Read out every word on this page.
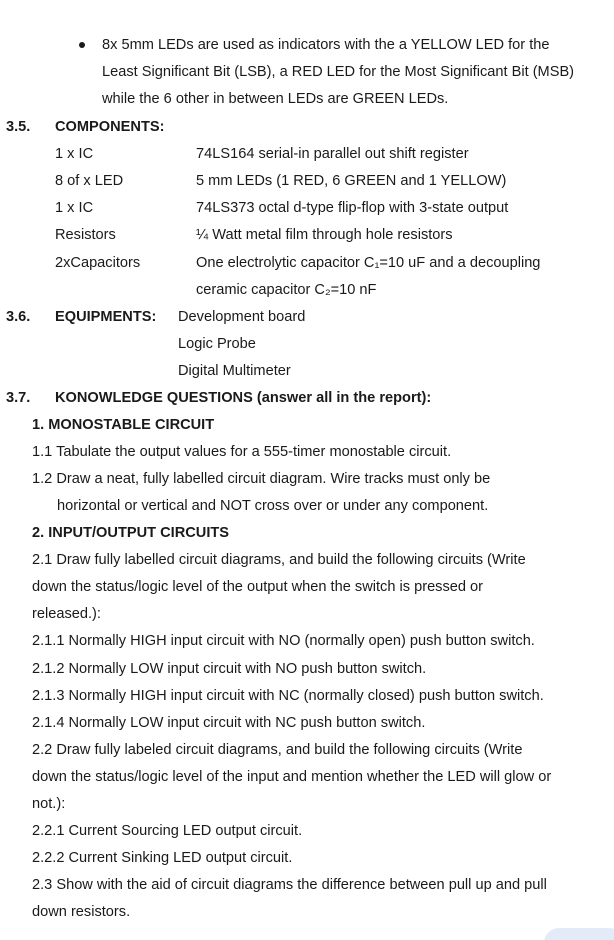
8x 5mm LEDs are used as indicators with the a YELLOW LED for the
Least Significant Bit (LSB), a RED LED for the Most Significant Bit (MSB)
while the 6 other in between LEDs are GREEN LEDs.
3.5. COMPONENTS:
1 x IC	74LS164 serial-in parallel out shift register
8 of x LED	5 mm LEDs (1 RED, 6 GREEN and 1 YELLOW)
1 x IC	74LS373 octal d-type flip-flop with 3-state output
Resistors	¼ Watt metal film through hole resistors
2xCapacitors	One electrolytic capacitor C₁=10 uF and a decoupling
ceramic capacitor C₂=10 nF
3.6. EQUIPMENTS: Development board
Logic Probe
Digital Multimeter
3.7. KONOWLEDGE QUESTIONS (answer all in the report):
1. MONOSTABLE CIRCUIT
1.1 Tabulate the output values for a 555-timer monostable circuit.
1.2 Draw a neat, fully labelled circuit diagram. Wire tracks must only be
horizontal or vertical and NOT cross over or under any component.
2. INPUT/OUTPUT CIRCUITS
2.1 Draw fully labelled circuit diagrams, and build the following circuits (Write
down the status/logic level of the output when the switch is pressed or
released.):
2.1.1 Normally HIGH input circuit with NO (normally open) push button switch.
2.1.2 Normally LOW input circuit with NO push button switch.
2.1.3 Normally HIGH input circuit with NC (normally closed) push button switch.
2.1.4 Normally LOW input circuit with NC push button switch.
2.2 Draw fully labeled circuit diagrams, and build the following circuits (Write
down the status/logic level of the input and mention whether the LED will glow or
not.):
2.2.1 Current Sourcing LED output circuit.
2.2.2 Current Sinking LED output circuit.
2.3 Show with the aid of circuit diagrams the difference between pull up and pull
down resistors.
